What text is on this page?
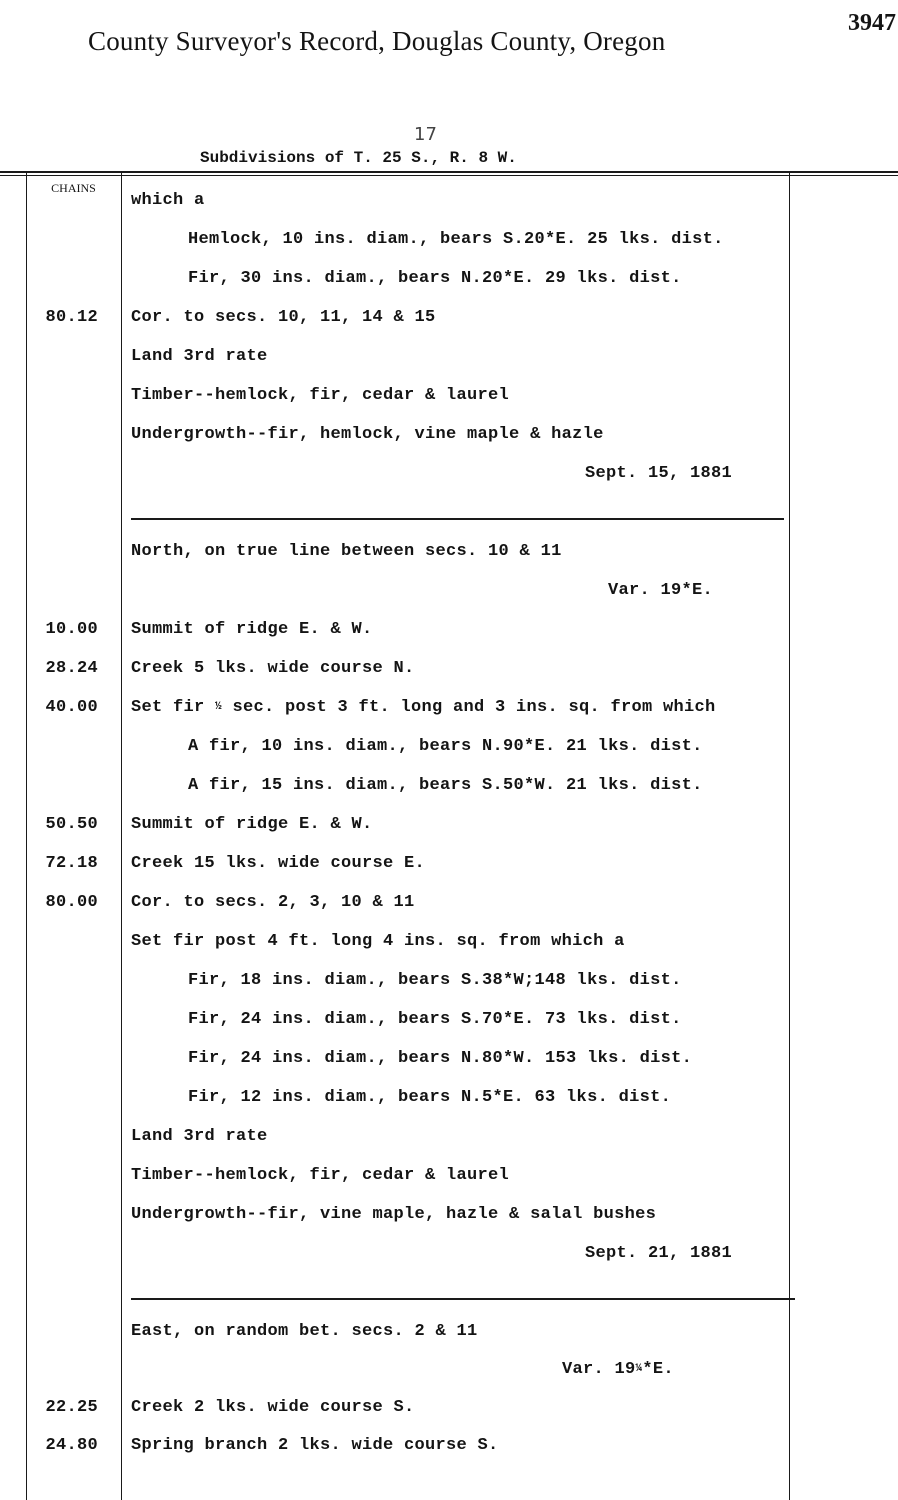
County Surveyor's Record, Douglas County, Oregon
3947
17
Subdivisions of T. 25 S., R. 8 W.
CHAINS
which a
Hemlock, 10 ins. diam., bears S.20*E. 25 lks. dist.
Fir, 30 ins. diam., bears N.20*E. 29 lks. dist.
80.12 Cor. to secs. 10, 11, 14 & 15
Land 3rd rate
Timber--hemlock, fir, cedar & laurel
Undergrowth--fir, hemlock, vine maple & hazle
Sept. 15, 1881
North, on true line between secs. 10 & 11
Var. 19*E.
10.00 Summit of ridge E. & W.
28.24 Creek 5 lks. wide course N.
40.00 Set fir ½ sec. post 3 ft. long and 3 ins. sq. from which
A fir, 10 ins. diam., bears N.90*E. 21 lks. dist.
A fir, 15 ins. diam., bears S.50*W. 21 lks. dist.
50.50 Summit of ridge E. & W.
72.18 Creek 15 lks. wide course E.
80.00 Cor. to secs. 2, 3, 10 & 11
Set fir post 4 ft. long 4 ins. sq. from which a
Fir, 18 ins. diam., bears S.38*W;148 lks. dist.
Fir, 24 ins. diam., bears S.70*E. 73 lks. dist.
Fir, 24 ins. diam., bears N.80*W. 153 lks. dist.
Fir, 12 ins. diam., bears N.5*E. 63 lks. dist.
Land 3rd rate
Timber--hemlock, fir, cedar & laurel
Undergrowth--fir, vine maple, hazle & salal bushes
Sept. 21, 1881
East, on random bet. secs. 2 & 11
Var. 19¼*E.
22.25 Creek 2 lks. wide course S.
24.80 Spring branch 2 lks. wide course S.
